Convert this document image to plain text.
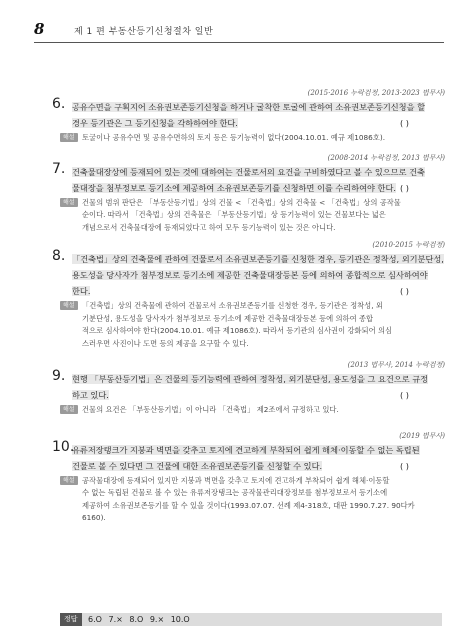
8	제 1 편 부동산등기신청절차 일반
(2015·2016 누락검정, 2013·2023 법무사)
6. 공유수면을 구획지어 소유권보존등기신청을 하거나 굴착한 토굴에 관하여 소유권보존등기신청을 할
경우 등기관은 그 등기신청을 각하하여야 한다.	( )
해설	토굴이나 공유수면 및 공유수면하의 토지 등은 등기능력이 없다(2004.10.01. 예규 제1086호).
(2008·2014 누락검정, 2013 법무사)
7. 건축물대장상에 등재되어 있는 것에 대하여는 건물로서의 요건을 구비하였다고 볼 수 있으므로 건축
물대장을 첨부정보로 등기소에 제공하여 소유권보존등기를 신청하면 이를 수리하여야 한다. ( )
해설	건물의 범위 판단은 「부동산등기법」상의 건물 < 「건축법」상의 건축물 < 「건축법」상의 공작물
순이다. 따라서 「건축법」상의 건축물은 「부동산등기법」상 등기능력이 있는 건물보다는 넓은
개념으로서 건축물대장에 등재되었다고 하여 모두 등기능력이 있는 것은 아니다.
(2010·2015 누락검정)
8. 「건축법」상의 건축물에 관하여 건물로서 소유권보존등기를 신청한 경우, 등기관은 정착성, 외기분단성,
용도성을 당사자가 첨부정보로 등기소에 제공한 건축물대장등본 등에 의하여 종합적으로 심사하여야
한다.	( )
해설	「건축법」상의 건축물에 관하여 건물로서 소유권보존등기를 신청한 경우, 등기관은 정착성, 외
기분단성, 용도성을 당사자가 첨부정보로 등기소에 제공한 건축물대장등본 등에 의하여 종합
적으로 심사하여야 한다(2004.10.01. 예규 제1086호). 따라서 등기관의 심사권이 강화되어 의심
스러우면 사진이나 도면 등의 제공을 요구할 수 있다.
(2013 법무사, 2014 누락검정)
9. 현행 「부동산등기법」은 건물의 등기능력에 관하여 정착성, 외기분단성, 용도성을 그 요건으로 규정
하고 있다.	( )
해설	건물의 요건은 「부동산등기법」이 아니라 「건축법」 제2조에서 규정하고 있다.
(2019 법무사)
10.
유류저장탱크가 지붕과 벽면을 갖추고 토지에 견고하게 부착되어 쉽게 해체·이동할 수 없는 독립된
건물로 볼 수 있다면 그 건물에 대한 소유권보존등기를 신청할 수 있다.	( )
해설	공작물대장에 등재되어 있지만 지붕과 벽면을 갖추고 토지에 견고하게 부착되어 쉽게 해체·이동할
수 없는 독립된 건물로 볼 수 있는 유류저장탱크는 공작물관리대장정보를 첨부정보로서 등기소에
제공하여 소유권보존등기를 할 수 있을 것이다(1993.07.07. 선례 제4-318호, 대판 1990.7.27. 90다카
6160).
정답	6.O 7.× 8.O 9.× 10.O
